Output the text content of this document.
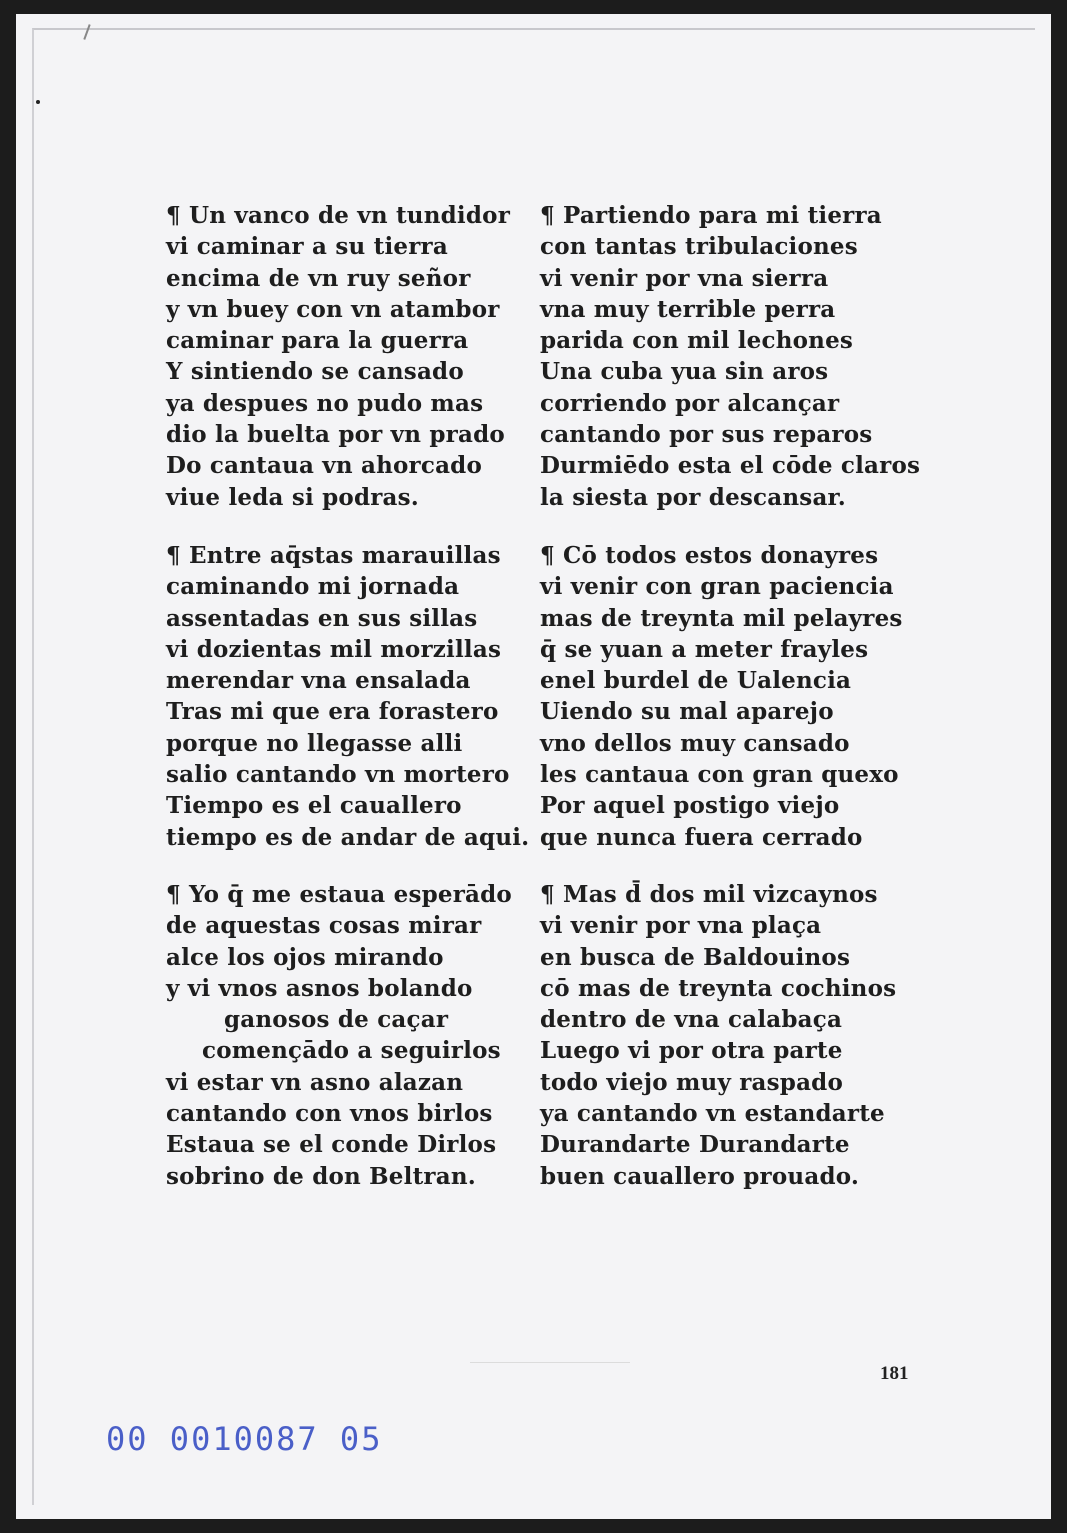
¶ Un vanco de vn tundidor
vi caminar a su tierra
encima de vn ruy señor
y vn buey con vn atambor
caminar para la guerra
Y sintiendo se cansado
ya despues no pudo mas
dio la buelta por vn prado
Do cantaua vn ahorcado
viue leda si podras.
¶ Partiendo para mi tierra
con tantas tribulaciones
vi venir por vna sierra
vna muy terrible perra
parida con mil lechones
Una cuba yua sin aros
corriendo por alcançar
cantando por sus reparos
Durmiēdo esta el cōde claros
la siesta por descansar.
¶ Entre aq̄stas marauillas
caminando mi jornada
assentadas en sus sillas
vi dozientas mil morzillas
merendar vna ensalada
Tras mi que era forastero
porque no llegasse alli
salio cantando vn mortero
Tiempo es el cauallero
tiempo es de andar de aqui.
¶ Cō todos estos donayres
vi venir con gran paciencia
mas de treynta mil pelayres
q̄ se yuan a meter frayles
enel burdel de Ualencia
Uiendo su mal aparejo
vno dellos muy cansado
les cantaua con gran quexo
Por aquel postigo viejo
que nunca fuera cerrado
¶ Yo q̄ me estaua esperādo
de aquestas cosas mirar
alce los ojos mirando
y vi vnos asnos bolando
ganosos de caçar
començādo a seguirlos
vi estar vn asno alazan
cantando con vnos birlos
Estaua se el conde Dirlos
sobrino de don Beltran.
¶ Mas d̄ dos mil vizcaynos
vi venir por vna plaça
en busca de Baldouinos
cō mas de treynta cochinos
dentro de vna calabaça
Luego vi por otra parte
todo viejo muy raspado
ya cantando vn estandarte
Durandarte Durandarte
buen cauallero prouado.
181
00 0010087 05
